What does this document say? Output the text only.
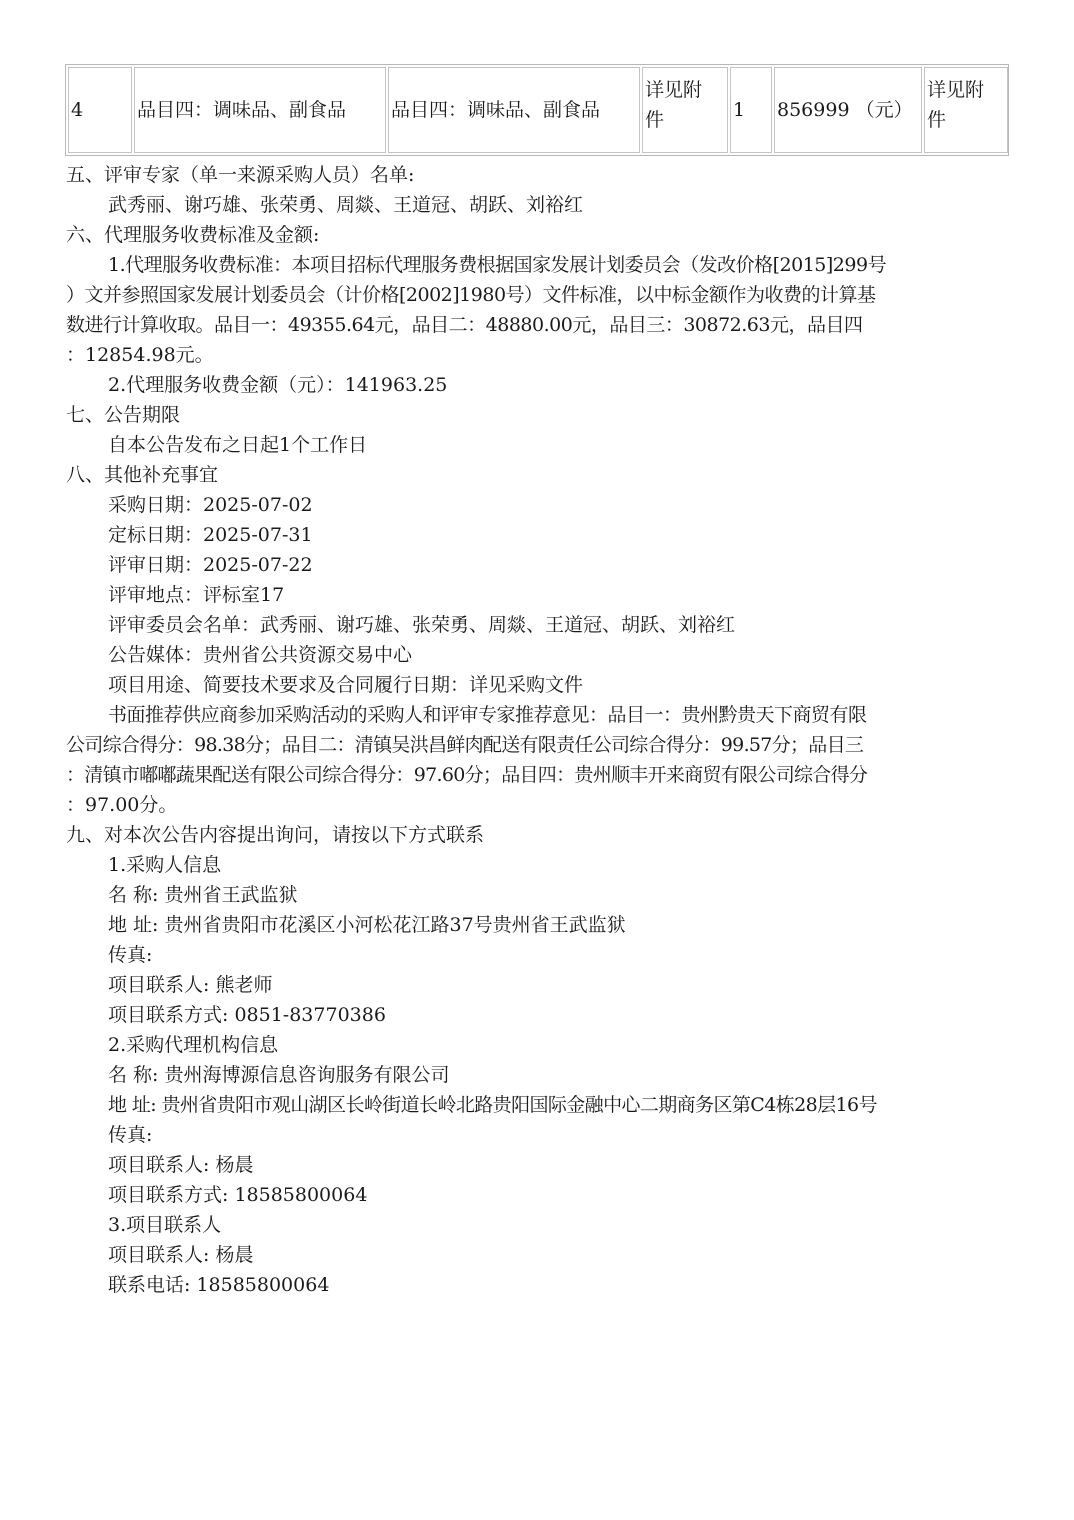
4	品目四：调味品、副食品 品目四：调味品、副食品
详见附
件	1 856999 （元）
详见附
件
五、评审专家（单一来源采购人员）名单:
武秀丽、谢巧雄、张荣勇、周燚、王道冠、胡跃、刘裕红
六、代理服务收费标准及金额:
1.代理服务收费标准：本项目招标代理服务费根据国家发展计划委员会（发改价格[2015]299号
）文并参照国家发展计划委员会（计价格[2002]1980号）文件标准，以中标金额作为收费的计算基
数进行计算收取。品目一：49355.64元，品目二：48880.00元，品目三：30872.63元，品目四
：12854.98元。
2.代理服务收费金额（元）：141963.25
七、公告期限
自本公告发布之日起1个工作日
八、其他补充事宜
采购日期：2025-07-02
定标日期：2025-07-31
评审日期：2025-07-22
评审地点：评标室17
评审委员会名单：武秀丽、谢巧雄、张荣勇、周燚、王道冠、胡跃、刘裕红
公告媒体：贵州省公共资源交易中心
项目用途、简要技术要求及合同履行日期：详见采购文件
书面推荐供应商参加采购活动的采购人和评审专家推荐意见：品目一：贵州黔贵天下商贸有限
公司综合得分：98.38分；品目二：清镇吴洪昌鲜肉配送有限责任公司综合得分：99.57分；品目三
：清镇市嘟嘟蔬果配送有限公司综合得分：97.60分；品目四：贵州顺丰开来商贸有限公司综合得分
：97.00分。
九、对本次公告内容提出询问，请按以下方式联系
1.采购人信息
名 称: 贵州省王武监狱
地 址: 贵州省贵阳市花溪区小河松花江路37号贵州省王武监狱
传真:
项目联系人: 熊老师
项目联系方式: 0851-83770386
2.采购代理机构信息
名 称: 贵州海博源信息咨询服务有限公司
地 址: 贵州省贵阳市观山湖区长岭街道长岭北路贵阳国际金融中心二期商务区第C4栋28层16号
传真:
项目联系人: 杨晨
项目联系方式: 18585800064
3.项目联系人
项目联系人: 杨晨
联系电话: 18585800064
